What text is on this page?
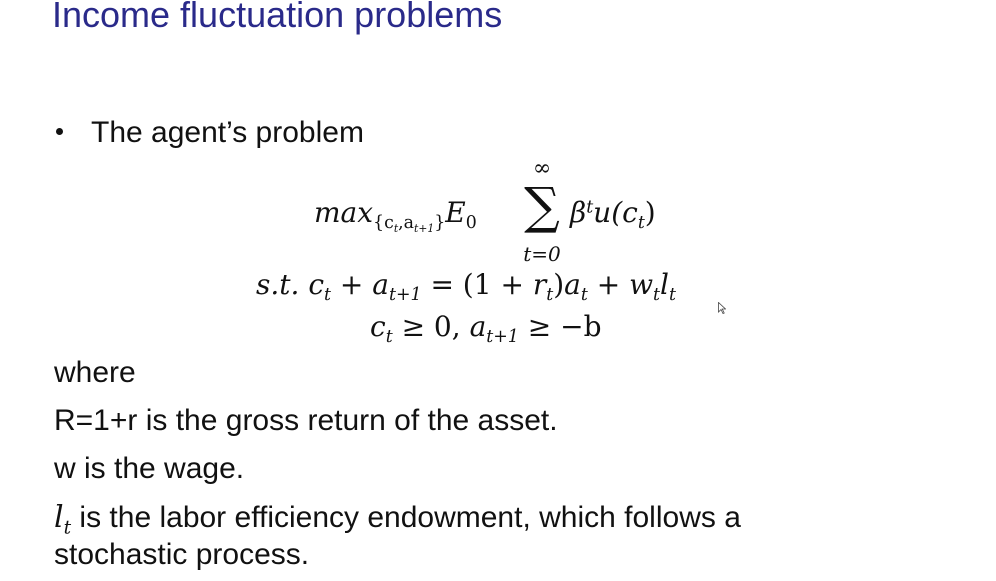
Income fluctuation problems
The agent’s problem
$\max_{\{c_t,a_{t+1}\}}E_0$
∞
∑
t=0
$\beta^tu(c_t)$
s.t. $c_t + a_{t+1} = (1 + r_t)a_t + w_tl_t$
$c_t \ge 0$, $a_{t+1} \ge -b$
where
R=1+r is the gross return of the asset.
w is the wage.
$l_t$ is the labor efficiency endowment, which follows a
stochastic process.
